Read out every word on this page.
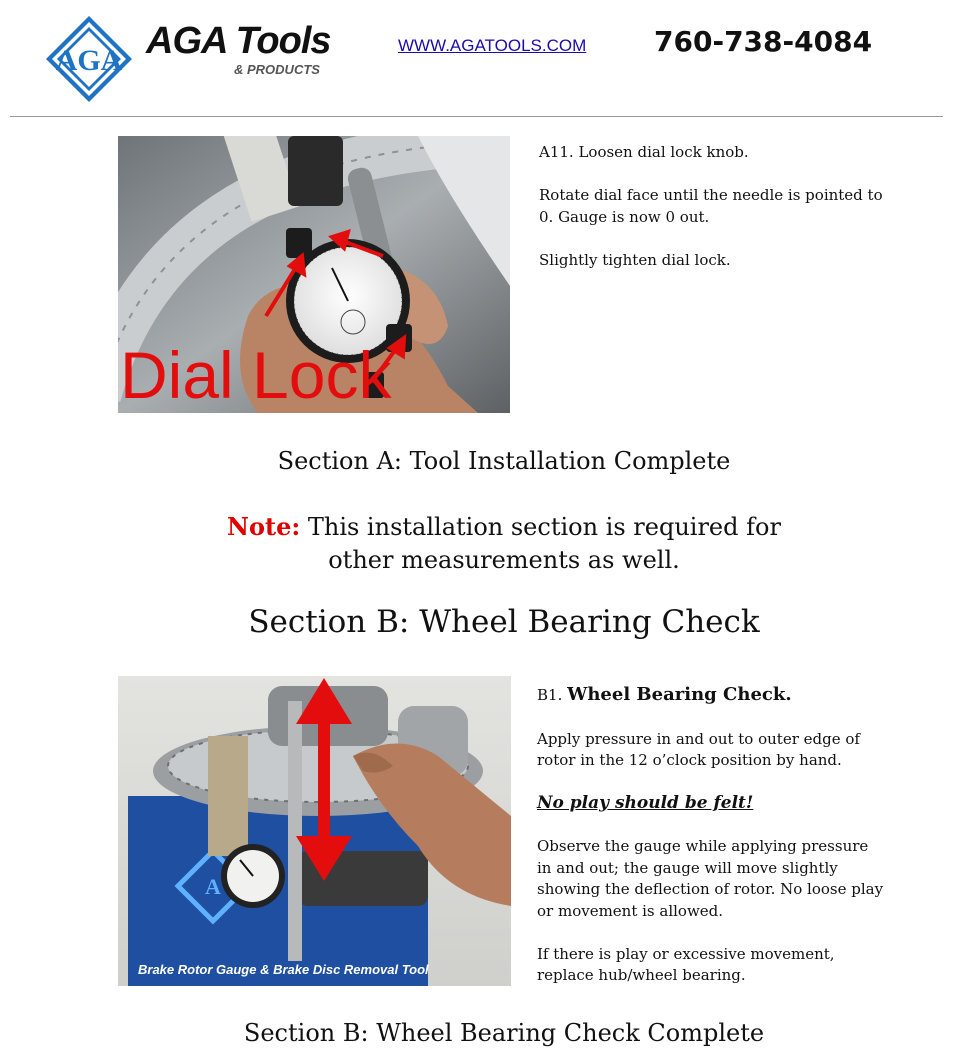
AGA AGA Tools
& PRODUCTS
WWW.AGATOOLS.COM 760-738-4084
Dial Lock

A11. Loosen dial lock knob.

Rotate dial face until the needle is pointed to 0. Gauge is now 0 out.

Slightly tighten dial lock.

Section A: Tool Installation Complete
Note: This installation section is required for other measurements as well.
Section B: Wheel Bearing Check
A
Brake Rotor Gauge & Brake Disc Removal Tool

B1. Wheel Bearing Check.

Apply pressure in and out to outer edge of rotor in the 12 o’clock position by hand.

No play should be felt!

Observe the gauge while applying pressure in and out; the gauge will move slightly showing the deflection of rotor. No loose play or movement is allowed.

If there is play or excessive movement, replace hub/wheel bearing.

Section B: Wheel Bearing Check Complete
